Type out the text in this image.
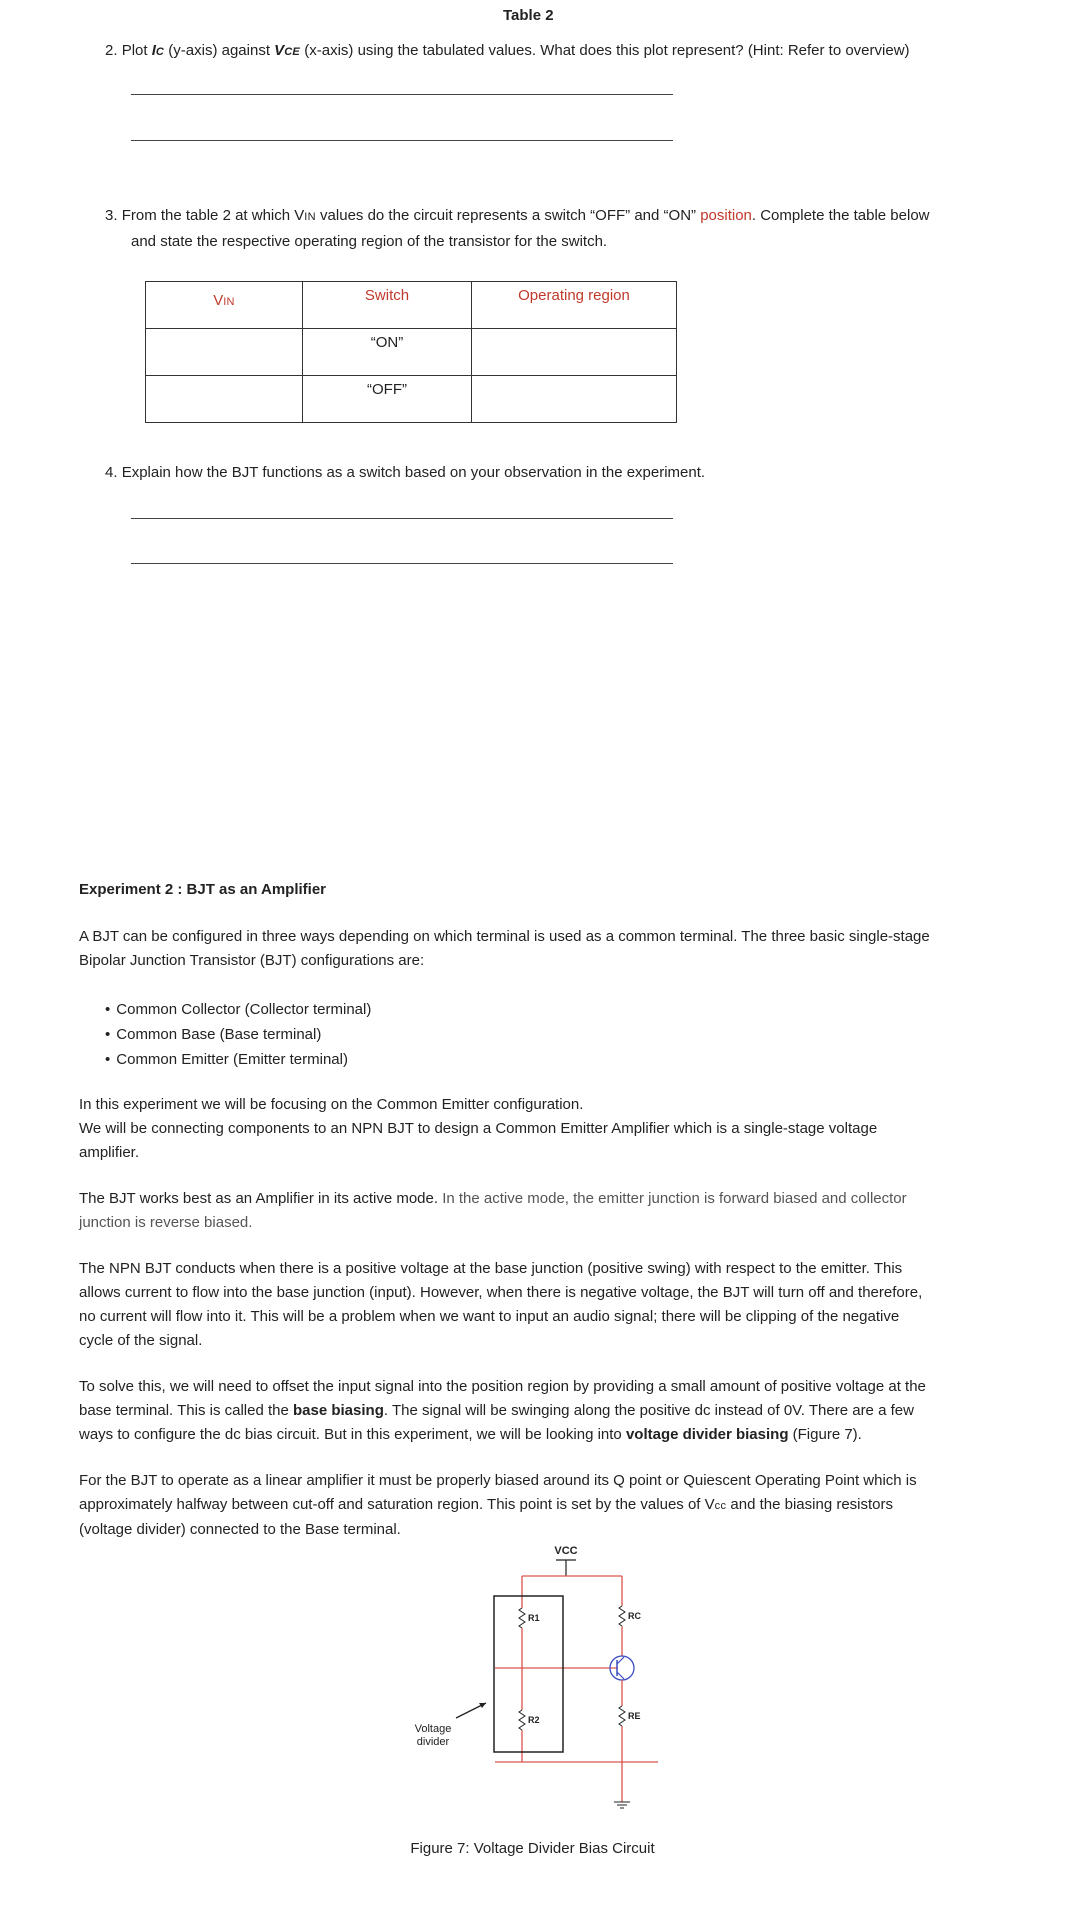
Table 2
2. Plot IC (y-axis) against VCE (x-axis) using the tabulated values. What does this plot represent? (Hint: Refer to overview)
3. From the table 2 at which VIN values do the circuit represents a switch “OFF” and “ON” position. Complete the table below
and state the respective operating region of the transistor for the switch.
VIN	Switch	Operating region
	“ON”	
	“OFF”	
4. Explain how the BJT functions as a switch based on your observation in the experiment.
Experiment 2 : BJT as an Amplifier
A BJT can be configured in three ways depending on which terminal is used as a common terminal. The three basic single-stage
Bipolar Junction Transistor (BJT) configurations are:
• Common Collector (Collector terminal)
• Common Base (Base terminal)
• Common Emitter (Emitter terminal)
In this experiment we will be focusing on the Common Emitter configuration.
We will be connecting components to an NPN BJT to design a Common Emitter Amplifier which is a single-stage voltage
amplifier.
The BJT works best as an Amplifier in its active mode. In the active mode, the emitter junction is forward biased and collector
junction is reverse biased.
The NPN BJT conducts when there is a positive voltage at the base junction (positive swing) with respect to the emitter. This
allows current to flow into the base junction (input). However, when there is negative voltage, the BJT will turn off and therefore,
no current will flow into it. This will be a problem when we want to input an audio signal; there will be clipping of the negative
cycle of the signal.
To solve this, we will need to offset the input signal into the position region by providing a small amount of positive voltage at the
base terminal. This is called the base biasing. The signal will be swinging along the positive dc instead of 0V. There are a few
ways to configure the dc bias circuit. But in this experiment, we will be looking into voltage divider biasing (Figure 7).
For the BJT to operate as a linear amplifier it must be properly biased around its Q point or Quiescent Operating Point which is
approximately halfway between cut-off and saturation region. This point is set by the values of Vcc and the biasing resistors
(voltage divider) connected to the Base terminal.
VCC
R1
R2
RC
RE
Voltage
divider
Figure 7: Voltage Divider Bias Circuit
